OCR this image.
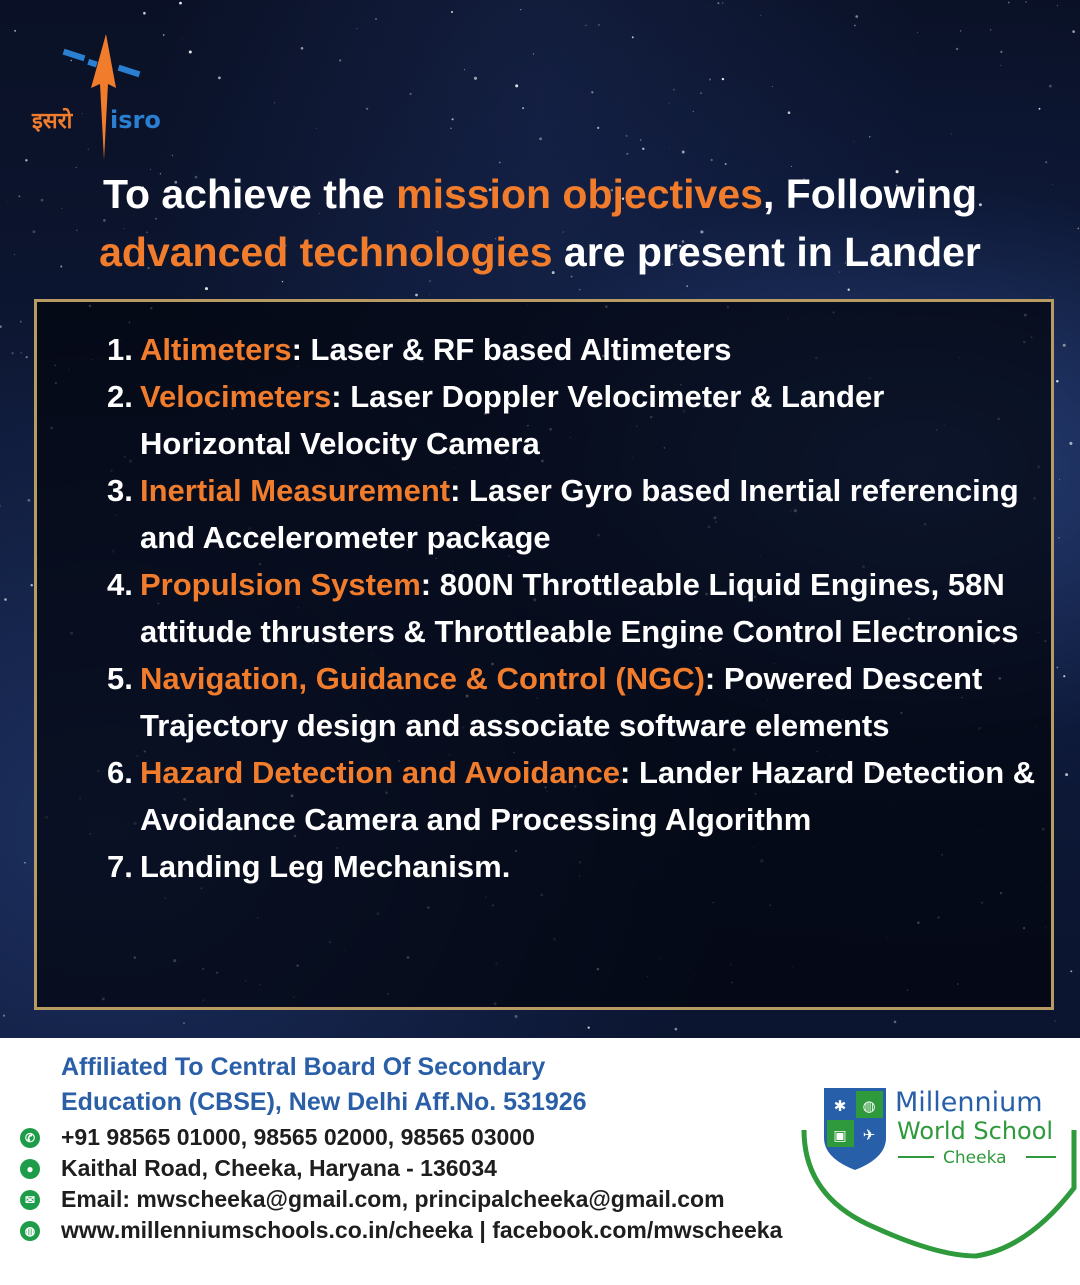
इसरो isro
To achieve the mission objectives, Following
advanced technologies are present in Lander
1. Altimeters: Laser & RF based Altimeters
2. Velocimeters: Laser Doppler Velocimeter & Lander Horizontal Velocity Camera
3. Inertial Measurement: Laser Gyro based Inertial referencing and Accelerometer package
4. Propulsion System: 800N Throttleable Liquid Engines, 58N attitude thrusters & Throttleable Engine Control Electronics
5. Navigation, Guidance & Control (NGC): Powered Descent Trajectory design and associate software elements
6. Hazard Detection and Avoidance: Lander Hazard Detection & Avoidance Camera and Processing Algorithm
7. Landing Leg Mechanism.
Affiliated To Central Board Of Secondary
Education (CBSE), New Delhi Aff.No. 531926
✆ +91 98565 01000, 98565 02000, 98565 03000
● Kaithal Road, Cheeka, Haryana - 136034
✉ Email: mwscheeka@gmail.com, principalcheeka@gmail.com
◍ www.millenniumschools.co.in/cheeka | facebook.com/mwscheeka
✱ ◍
▣ ✈
Millennium
World School
Cheeka
